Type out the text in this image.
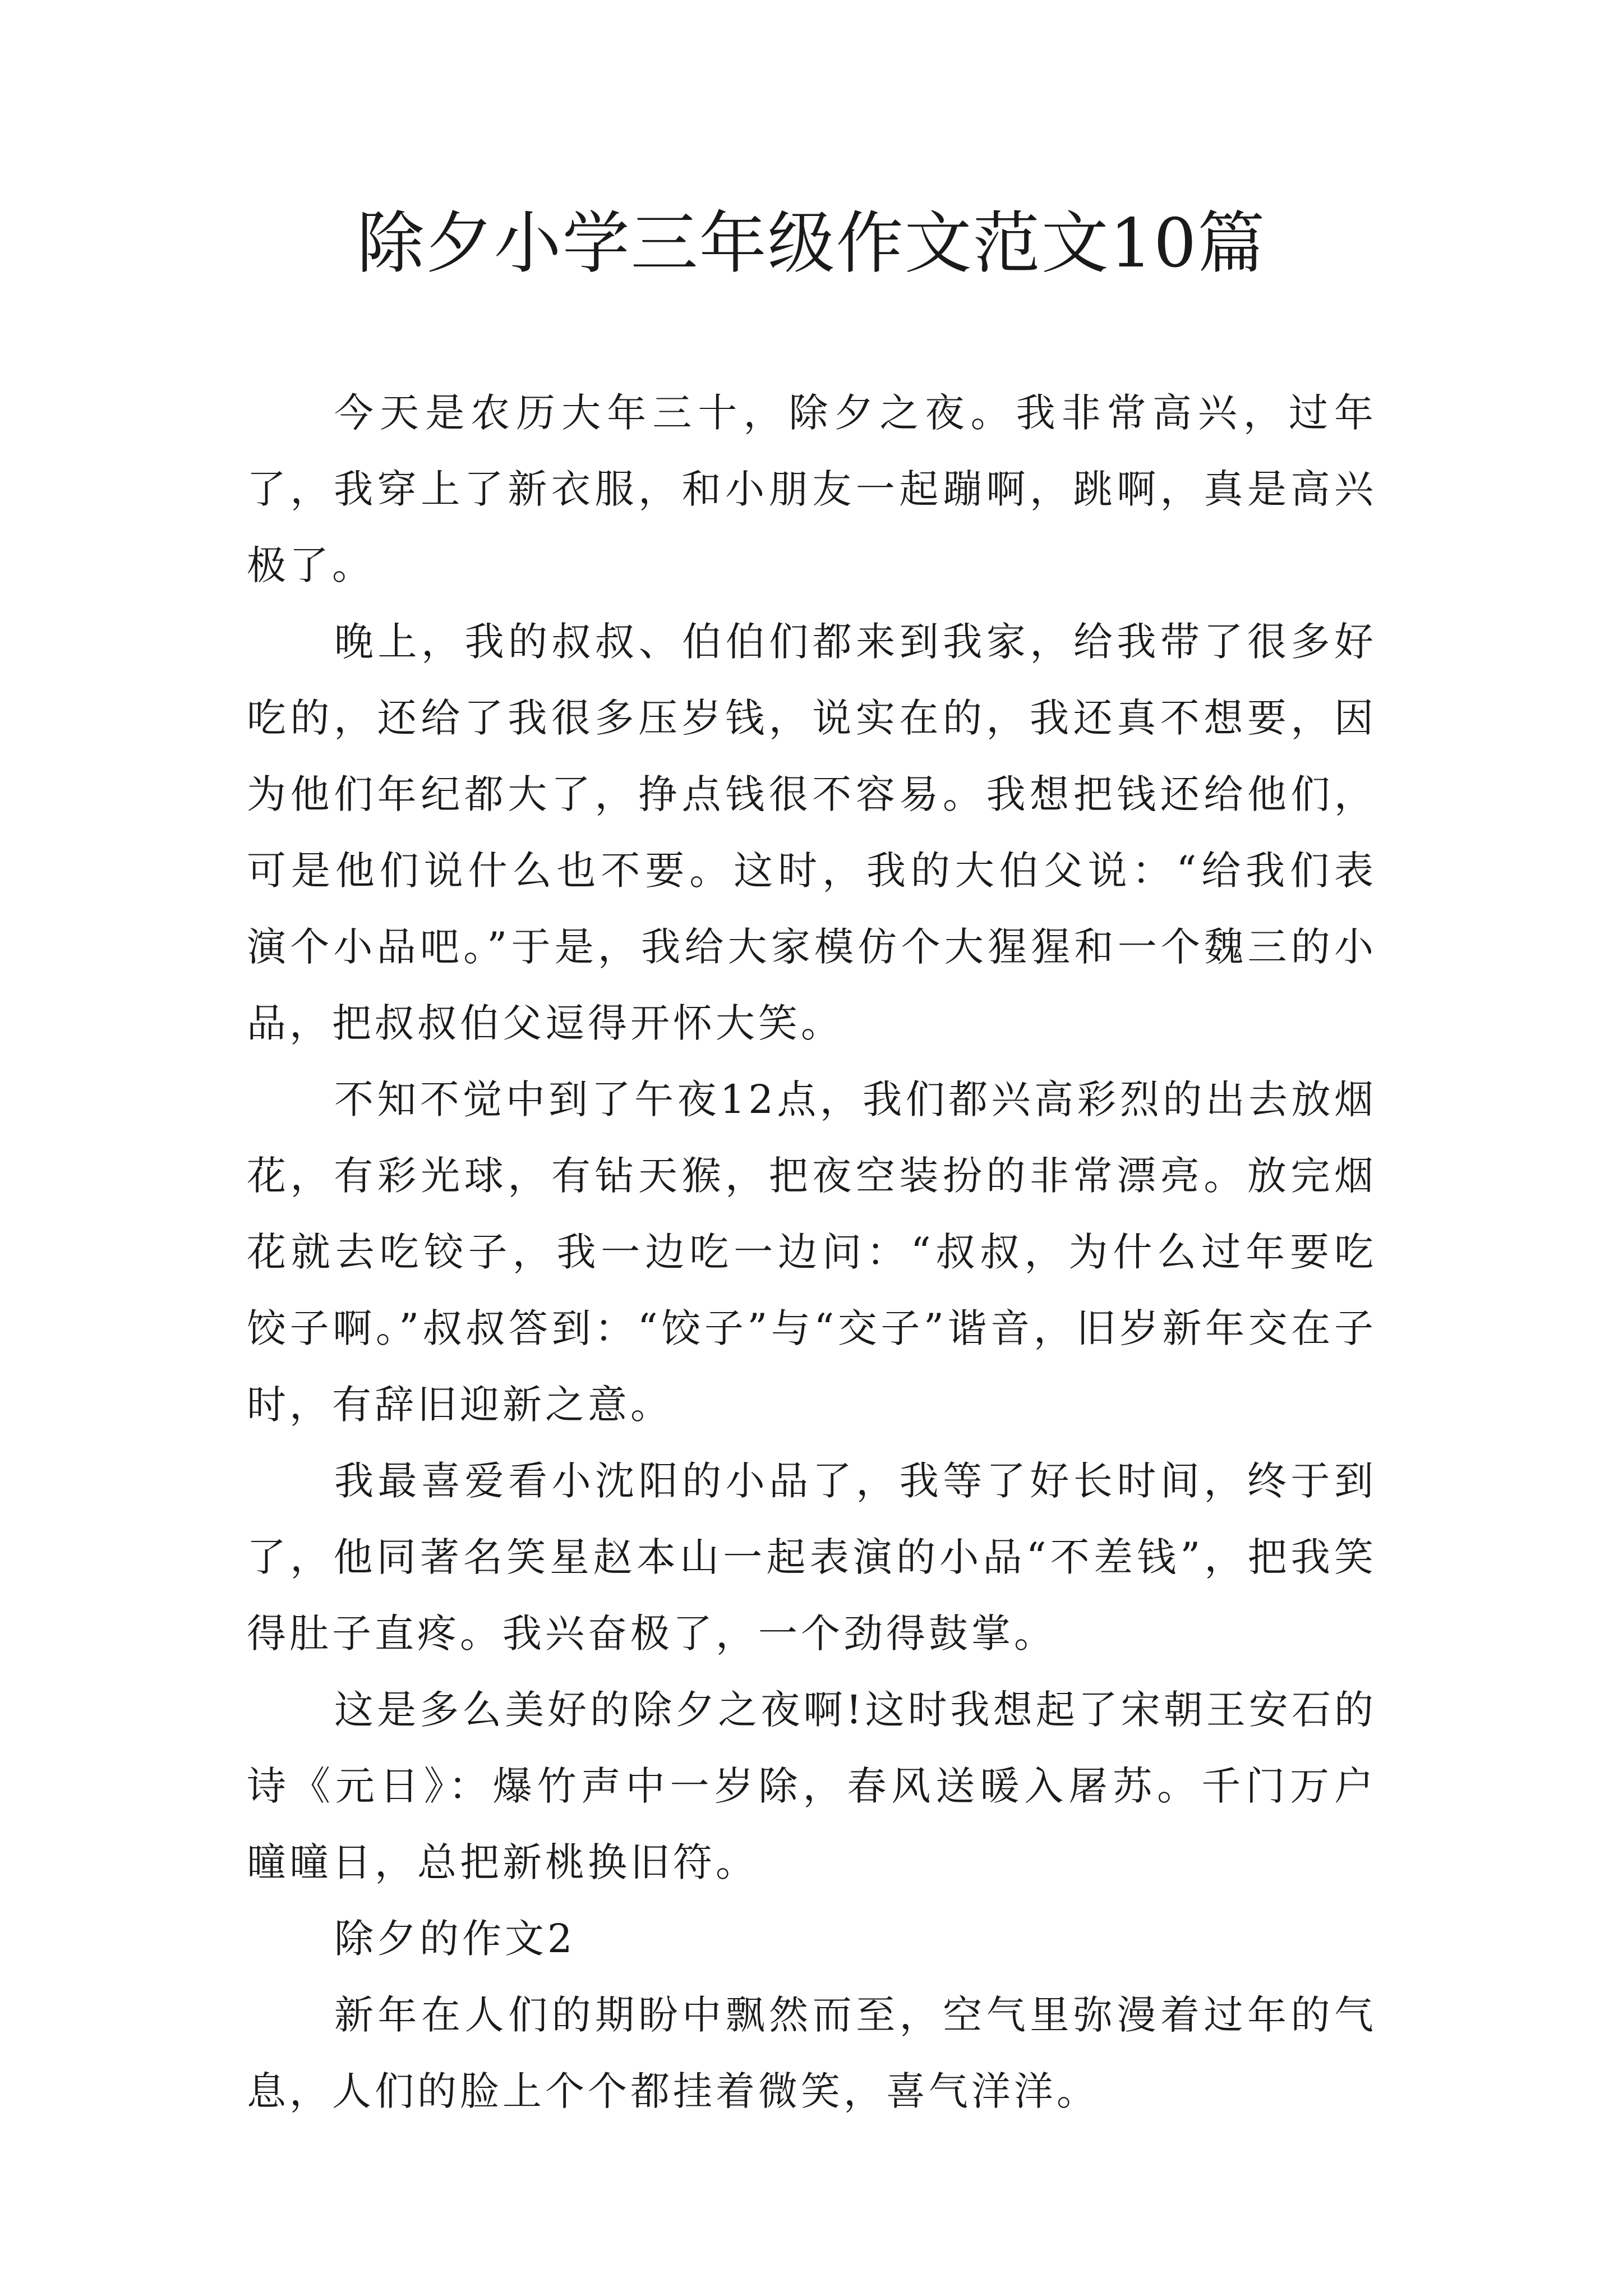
除夕小学三年级作文范文10篇

今天是农历大年三十，除夕之夜。我非常高兴，过年了，我穿上了新衣服，和小朋友一起蹦啊，跳啊，真是高兴极了。

晚上，我的叔叔、伯伯们都来到我家，给我带了很多好吃的，还给了我很多压岁钱，说实在的，我还真不想要，因为他们年纪都大了，挣点钱很不容易。我想把钱还给他们，可是他们说什么也不要。这时，我的大伯父说：“给我们表演个小品吧。”于是，我给大家模仿个大猩猩和一个魏三的小品，把叔叔伯父逗得开怀大笑。

不知不觉中到了午夜12点，我们都兴高彩烈的出去放烟花，有彩光球，有钻天猴，把夜空装扮的非常漂亮。放完烟花就去吃铰子，我一边吃一边问：“叔叔，为什么过年要吃饺子啊。”叔叔答到：“饺子”与“交子”谐音，旧岁新年交在子时，有辞旧迎新之意。

我最喜爱看小沈阳的小品了，我等了好长时间，终于到了，他同著名笑星赵本山一起表演的小品“不差钱”，把我笑得肚子直疼。我兴奋极了，一个劲得鼓掌。

这是多么美好的除夕之夜啊!这时我想起了宋朝王安石的诗《元日》：爆竹声中一岁除，春风送暖入屠苏。千门万户曈曈日，总把新桃换旧符。

除夕的作文2

新年在人们的期盼中飘然而至，空气里弥漫着过年的气息，人们的脸上个个都挂着微笑，喜气洋洋。
